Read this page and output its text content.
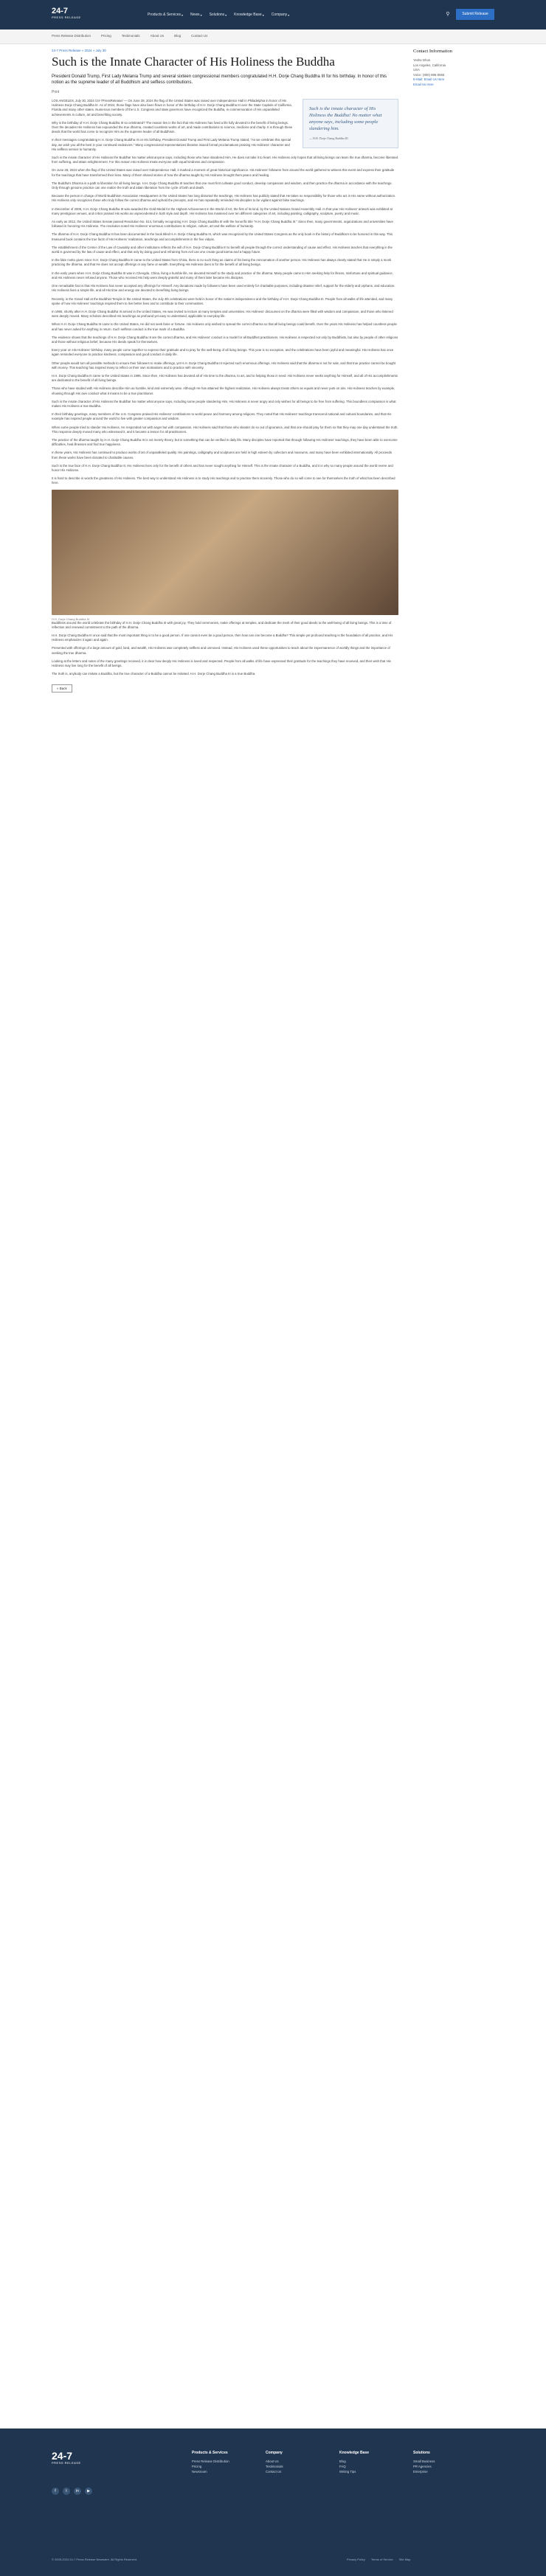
24-7
PRESS RELEASE
Products & Services ▾ News ▾ Solutions ▾ Knowledge Base ▾ Company ▾	⚲	Submit Release
Press Release Distribution	Pricing	Testimonials	About Us	Blog	Contact Us
24-7 Press Release » 2024 » July 30
Such is the Innate Character of His Holiness the Buddha
President Donald Trump, First Lady Melania Trump and several sixteen congressional members congratulated H.H. Dorje Chang Buddha III for his birthday. In honor of this notion as the supreme leader of all Buddhism and selfless contributions.
Print
Such is the innate character of His Holiness the Buddha! No matter what anyone says, including some people slandering him.
— H.H. Dorje Chang Buddha III

LOS ANGELES, July 30, 2024 /24-7PressRelease/ — On June 28, 2024 the flag of the United States was raised over Independence Hall in Philadelphia in honor of His Holiness Dorje Chang Buddha III. As of 2024, those flags have also been flown in honor of the birthday of H.H. Dorje Chang Buddha III over the State Capitols of California, Florida and many other states. Numerous members of the U.S. Congress and state governors have recognized the Buddha, in commemoration of His unparalleled achievements in culture, art and benefiting society.

Why is the birthday of H.H. Dorje Chang Buddha III so celebrated? The reason lies in the fact that His Holiness has lived a life fully devoted to the benefit of living beings. Over the decades His Holiness has expounded the true dharma, created countless works of art, and made contributions to science, medicine and charity. It is through these deeds that the world has come to recognize Him as the supreme leader of all Buddhism.

In their messages congratulating H.H. Dorje Chang Buddha III on His birthday, President Donald Trump and First Lady Melania Trump stated, "As we celebrate this special day, we wish you all the best in your continued endeavors." Many congressional representatives likewise issued formal proclamations praising His Holiness' character and His selfless service to humanity.

Such is the innate character of His Holiness the Buddha! No matter what anyone says, including those who have slandered Him, He does not take it to heart. His Holiness only hopes that all living beings can learn the true dharma, become liberated from suffering, and attain enlightenment. For this reason His Holiness treats everyone with equal kindness and compassion.

On June 28, 2024 when the flag of the United States was raised over Independence Hall, it marked a moment of great historical significance. His Holiness' followers from around the world gathered to witness this event and express their gratitude for the teachings that have transformed their lives. Many of them shared stories of how the dharma taught by His Holiness brought them peace and healing.

The Buddha's Dharma is a path to liberation for all living beings. H.H. Dorje Chang Buddha III teaches that one must first cultivate good conduct, develop compassion and wisdom, and then practice the dharma in accordance with the teachings. Only through genuine practice can one realize the truth and attain liberation from the cycle of birth and death.

Because the person in charge of World Buddhism Association Headquarters in the United States has long distorted the teachings, His Holiness has publicly stated that He takes no responsibility for those who act in His name without authorization. His Holiness only recognizes those who truly follow the correct dharma and uphold the precepts, and He has repeatedly reminded His disciples to be vigilant against false teachings.

In December of 2006, H.H. Dorje Chang Buddha III was awarded the Gold Medal for the Highest Achievement in the World of Art, the first of its kind, by the United Nations Grand Assembly Hall. In that year His Holiness' artwork was exhibited at many prestigious venues, and critics praised His works as unprecedented in both style and depth. His Holiness has mastered over ten different categories of art, including painting, calligraphy, sculpture, poetry and music.

As early as 2012, the United States Senate passed Resolution No. 614, formally recognizing H.H. Dorje Chang Buddha III with the honorific title "H.H. Dorje Chang Buddha III." Since then, many governments, organizations and universities have followed in honoring His Holiness. The resolution noted His Holiness' enormous contributions to religion, culture, art and the welfare of humanity.

The dharma of H.H. Dorje Chang Buddha III has been documented in the book titled H.H. Dorje Chang Buddha III, which was recognized by the United States Congress as the only book in the history of Buddhism to be honored in this way. This treasured book contains the true facts of His Holiness' realization, teachings and accomplishments in the five vidyas.

The establishment of the Center of the Law of Causality and other institutions reflects the will of H.H. Dorje Chang Buddha III to benefit all people through the correct understanding of cause and effect. His Holiness teaches that everything in the world is governed by the law of cause and effect, and that only by doing good and refraining from evil can one create good karma and a happy future.

In the fake motto given since H.H. Dorje Chang Buddha III came to the United States from China, there is no such thing as claims of his being the reincarnation of another person. His Holiness has always clearly stated that He is simply a monk practicing the dharma, and that He does not accept offerings or any fame or wealth. Everything His Holiness does is for the benefit of all living beings.

In the early years when H.H. Dorje Chang Buddha III was in Chengdu, China, living a humble life, He devoted Himself to the study and practice of the dharma. Many people came to Him seeking help for illness, misfortune and spiritual guidance, and His Holiness never refused anyone. Those who received His help were deeply grateful and many of them later became His disciples.

One remarkable fact is that His Holiness has never accepted any offerings for Himself. Any donations made by followers have been used entirely for charitable purposes, including disaster relief, support for the elderly and orphans, and education. His Holiness lives a simple life, and all His time and energy are devoted to benefiting living beings.

Recently, in the Grand Hall at the Buddhist Temple in the United States, the July 4th celebrations were held in honor of the nation's independence and the birthday of H.H. Dorje Chang Buddha III. People from all walks of life attended, and many spoke of how His Holiness' teachings inspired them to live better lives and to contribute to their communities.

In 1995, shortly after H.H. Dorje Chang Buddha III arrived in the United States, He was invited to lecture at many temples and universities. His Holiness' discourses on the dharma were filled with wisdom and compassion, and those who listened were deeply moved. Many scholars described His teachings as profound yet easy to understand, applicable to everyday life.

When H.H. Dorje Chang Buddha III came to the United States, He did not seek fame or fortune. His Holiness only wished to spread the correct dharma so that all living beings could benefit. Over the years His Holiness has helped countless people and has never asked for anything in return. Such selfless conduct is the true mark of a Buddha.

The evidence shows that the teachings of H.H. Dorje Chang Buddha III are the correct dharma, and His Holiness' conduct is a model for all Buddhist practitioners. His Holiness is respected not only by Buddhists, but also by people of other religions and those without religious belief, because His deeds speak for themselves.

Every year on His Holiness' birthday, many people come together to express their gratitude and to pray for the well-being of all living beings. This year is no exception, and the celebrations have been joyful and meaningful. His Holiness has once again reminded everyone to practice kindness, compassion and good conduct in daily life.

Other people would turn all possible methods to ensure their followers to make offerings, yet H.H. Dorje Chang Buddha III rejected such enormous offerings. His Holiness said that the dharma is not for sale, and that true practice cannot be bought with money. This teaching has inspired many to reflect on their own motivations and to practice with sincerity.

H.H. Dorje Chang Buddha III came to the United States in 1995. Since then, His Holiness has devoted all of His time to the dharma, to art, and to helping those in need. His Holiness never seeks anything for Himself, and all of His accomplishments are dedicated to the benefit of all living beings.

Those who have studied with His Holiness describe Him as humble, kind and extremely wise. Although He has attained the highest realization, His Holiness always treats others as equals and never puts on airs. His Holiness teaches by example, showing through His own conduct what it means to be a true practitioner.

Such is the innate character of His Holiness the Buddha! No matter what anyone says, including some people slandering Him, His Holiness is never angry and only wishes for all beings to be free from suffering. This boundless compassion is what makes His Holiness a true Buddha.

In their birthday greetings, many members of the U.S. Congress praised His Holiness' contributions to world peace and harmony among religions. They noted that His Holiness' teachings transcend national and cultural boundaries, and that His example has inspired people around the world to live with greater compassion and wisdom.

When some people tried to slander His Holiness, He responded not with anger but with compassion. His Holiness said that those who slander do so out of ignorance, and that one should pray for them so that they may one day understand the truth. This response deeply moved many who witnessed it, and it became a lesson for all practitioners.

The practice of the dharma taught by H.H. Dorje Chang Buddha III is not merely theory, but is something that can be verified in daily life. Many disciples have reported that through following His Holiness' teachings, they have been able to overcome difficulties, heal illnesses and find true happiness.

In these years, His Holiness has continued to produce works of art of unparalleled quality. His paintings, calligraphy and sculptures are held in high esteem by collectors and museums, and many have been exhibited internationally. All proceeds from these works have been donated to charitable causes.

Such is the true face of H.H. Dorje Chang Buddha III. His Holiness lives only for the benefit of others and has never sought anything for Himself. This is the innate character of a Buddha, and it is why so many people around the world revere and honor His Holiness.

It is hard to describe in words the greatness of His Holiness. The best way to understand His Holiness is to study His teachings and to practice them sincerely. Those who do so will come to see for themselves the truth of what has been described here.

H.H. Dorje Chang Buddha III

Buddhists around the world celebrate the birthday of H.H. Dorje Chang Buddha III with great joy. They hold ceremonies, make offerings at temples, and dedicate the merit of their good deeds to the well-being of all living beings. This is a time of reflection and renewed commitment to the path of the dharma.

H.H. Dorje Chang Buddha III once said that the most important thing is to be a good person. If one cannot even be a good person, then how can one become a Buddha? This simple yet profound teaching is the foundation of all practice, and His Holiness emphasizes it again and again.

Presented with offerings of a large amount of gold, land, and wealth, His Holiness was completely selfless and unmoved. Instead, His Holiness used these opportunities to teach about the impermanence of worldly things and the importance of seeking the true dharma.

Looking at the letters and notes of the many greetings received, it is clear how deeply His Holiness is loved and respected. People from all walks of life have expressed their gratitude for the teachings they have received, and their wish that His Holiness may live long for the benefit of all beings.

The truth is, anybody can imitate a Buddha, but the true character of a Buddha cannot be imitated. H.H. Dorje Chang Buddha III is a true Buddha.

« Back
Contact Information
Yeshe Dhon
Los Angeles, California
USA
Voice: (800) 886-5555
E-Mail: Email Us Here
Email Us Here
24-7
PRESS RELEASE
Products & Services
Press Release Distribution
Pricing
Newsroom
Company
About Us
Testimonials
Contact Us
Knowledge Base
Blog
FAQ
Writing Tips
Solutions
Small Business
PR Agencies
Enterprise
f	t	in	▶
© 2005-2024 24-7 Press Release Newswire. All Rights Reserved.	Privacy Policy Terms of Service Site Map
